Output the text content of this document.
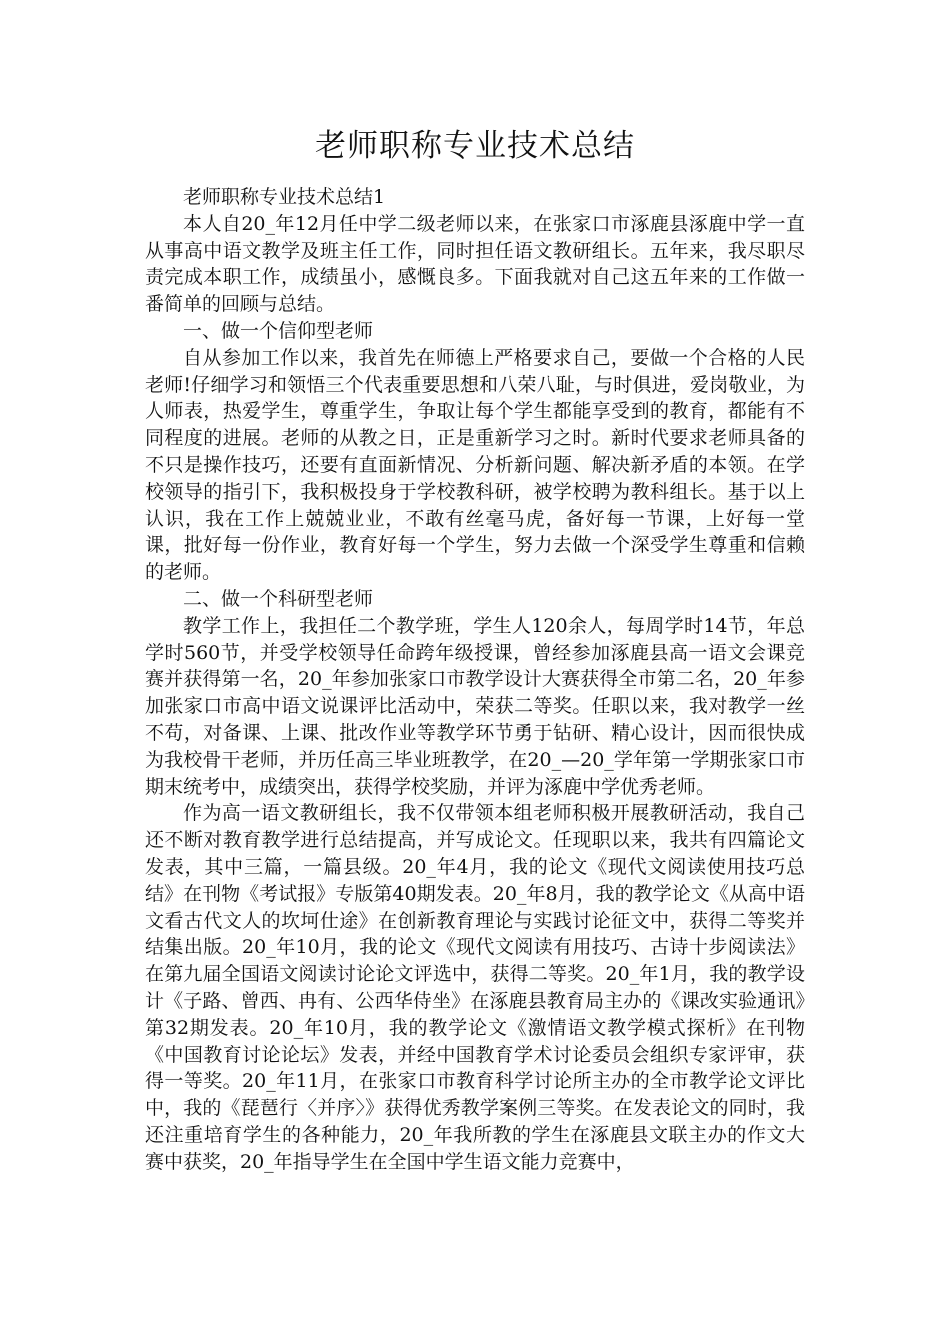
老师职称专业技术总结

老师职称专业技术总结1

本人自20_年12月任中学二级老师以来，在张家口市涿鹿县涿鹿中学一直从事高中语文教学及班主任工作，同时担任语文教研组长。五年来，我尽职尽责完成本职工作，成绩虽小，感慨良多。下面我就对自己这五年来的工作做一番简单的回顾与总结。

一、做一个信仰型老师

自从参加工作以来，我首先在师德上严格要求自己，要做一个合格的人民老师!仔细学习和领悟三个代表重要思想和八荣八耻，与时俱进，爱岗敬业，为人师表，热爱学生，尊重学生，争取让每个学生都能享受到的教育，都能有不同程度的进展。老师的从教之日，正是重新学习之时。新时代要求老师具备的不只是操作技巧，还要有直面新情况、分析新问题、解决新矛盾的本领。在学校领导的指引下，我积极投身于学校教科研，被学校聘为教科组长。基于以上认识，我在工作上兢兢业业，不敢有丝毫马虎，备好每一节课，上好每一堂课，批好每一份作业，教育好每一个学生，努力去做一个深受学生尊重和信赖的老师。

二、做一个科研型老师

教学工作上，我担任二个教学班，学生人120余人，每周学时14节，年总学时560节，并受学校领导任命跨年级授课，曾经参加涿鹿县高一语文会课竞赛并获得第一名，20_年参加张家口市教学设计大赛获得全市第二名，20_年参加张家口市高中语文说课评比活动中，荣获二等奖。任职以来，我对教学一丝不苟，对备课、上课、批改作业等教学环节勇于钻研、精心设计，因而很快成为我校骨干老师，并历任高三毕业班教学，在20_—20_学年第一学期张家口市期末统考中，成绩突出，获得学校奖励，并评为涿鹿中学优秀老师。

作为高一语文教研组长，我不仅带领本组老师积极开展教研活动，我自己还不断对教育教学进行总结提高，并写成论文。任现职以来，我共有四篇论文发表，其中三篇，一篇县级。20_年4月，我的论文《现代文阅读使用技巧总结》在刊物《考试报》专版第40期发表。20_年8月，我的教学论文《从高中语文看古代文人的坎坷仕途》在创新教育理论与实践讨论征文中，获得二等奖并结集出版。20_年10月，我的论文《现代文阅读有用技巧、古诗十步阅读法》在第九届全国语文阅读讨论论文评选中，获得二等奖。20_年1月，我的教学设计《子路、曾西、冉有、公西华侍坐》在涿鹿县教育局主办的《课改实验通讯》第32期发表。20_年10月，我的教学论文《激情语文教学模式探析》在刊物《中国教育讨论论坛》发表，并经中国教育学术讨论委员会组织专家评审，获得一等奖。20_年11月，在张家口市教育科学讨论所主办的全市教学论文评比中，我的《琵琶行〈并序〉》获得优秀教学案例三等奖。在发表论文的同时，我还注重培育学生的各种能力，20_年我所教的学生在涿鹿县文联主办的作文大赛中获奖，20_年指导学生在全国中学生语文能力竞赛中，
